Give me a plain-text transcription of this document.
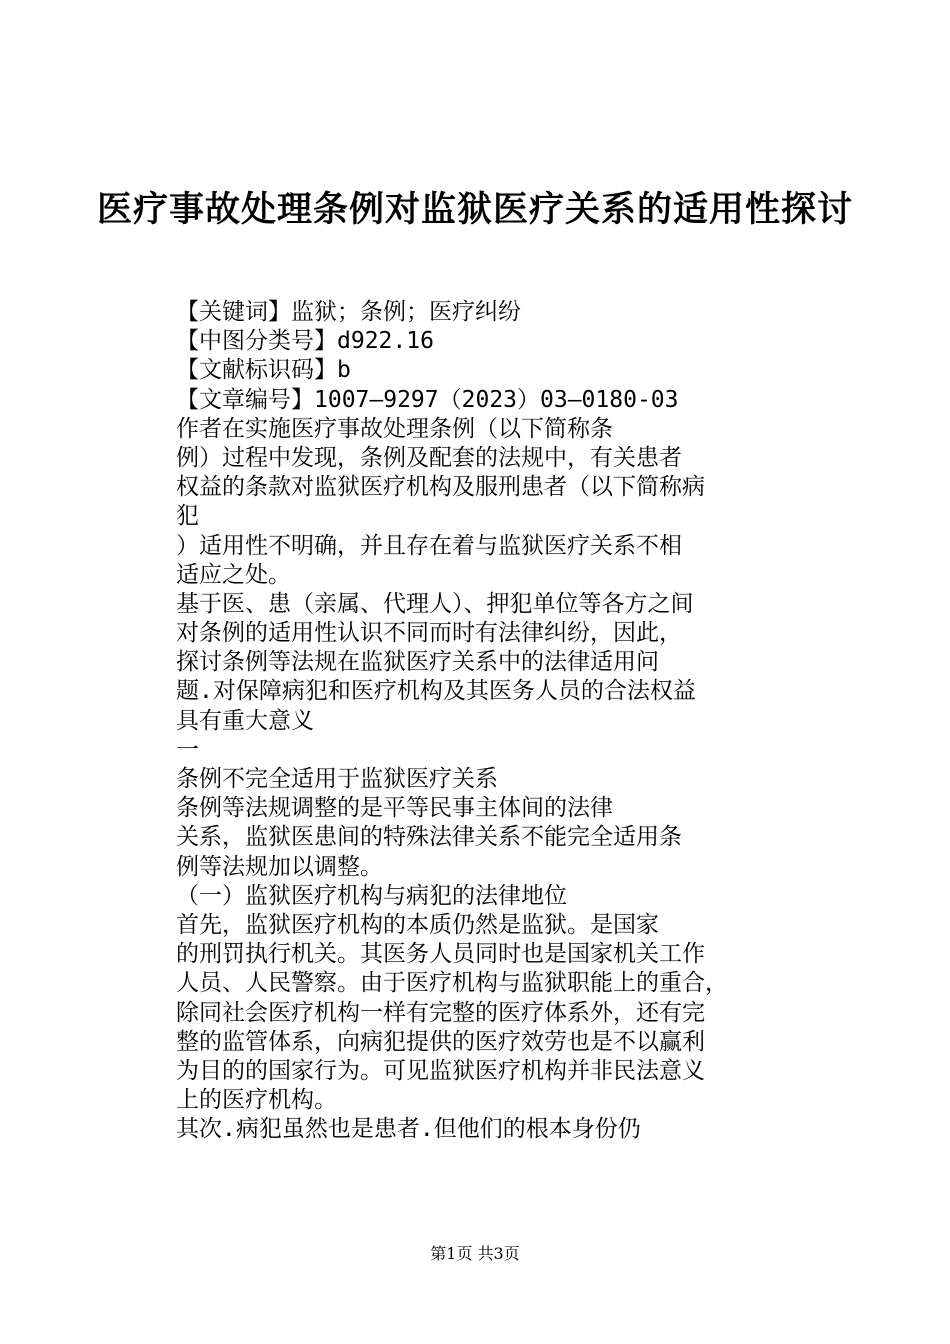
医疗事故处理条例对监狱医疗关系的适用性探讨
【关键词】监狱；条例；医疗纠纷
【中图分类号】d922.16
【文献标识码】b
【文章编号】1007—9297（2023）03—0180-03
作者在实施医疗事故处理条例（以下简称条
例）过程中发现，条例及配套的法规中，有关患者
权益的条款对监狱医疗机构及服刑患者（以下简称病
犯
）适用性不明确，并且存在着与监狱医疗关系不相
适应之处。
基于医、患（亲属、代理人）、押犯单位等各方之间
对条例的适用性认识不同而时有法律纠纷，因此，
探讨条例等法规在监狱医疗关系中的法律适用问
题.对保障病犯和医疗机构及其医务人员的合法权益
具有重大意义
一
条例不完全适用于监狱医疗关系
条例等法规调整的是平等民事主体间的法律
关系，监狱医患间的特殊法律关系不能完全适用条
例等法规加以调整。
（一）监狱医疗机构与病犯的法律地位
首先，监狱医疗机构的本质仍然是监狱。是国家
的刑罚执行机关。其医务人员同时也是国家机关工作
人员、人民警察。由于医疗机构与监狱职能上的重合，
除同社会医疗机构一样有完整的医疗体系外，还有完
整的监管体系，向病犯提供的医疗效劳也是不以赢利
为目的的国家行为。可见监狱医疗机构并非民法意义
上的医疗机构。
其次.病犯虽然也是患者.但他们的根本身份仍
第1页 共3页
